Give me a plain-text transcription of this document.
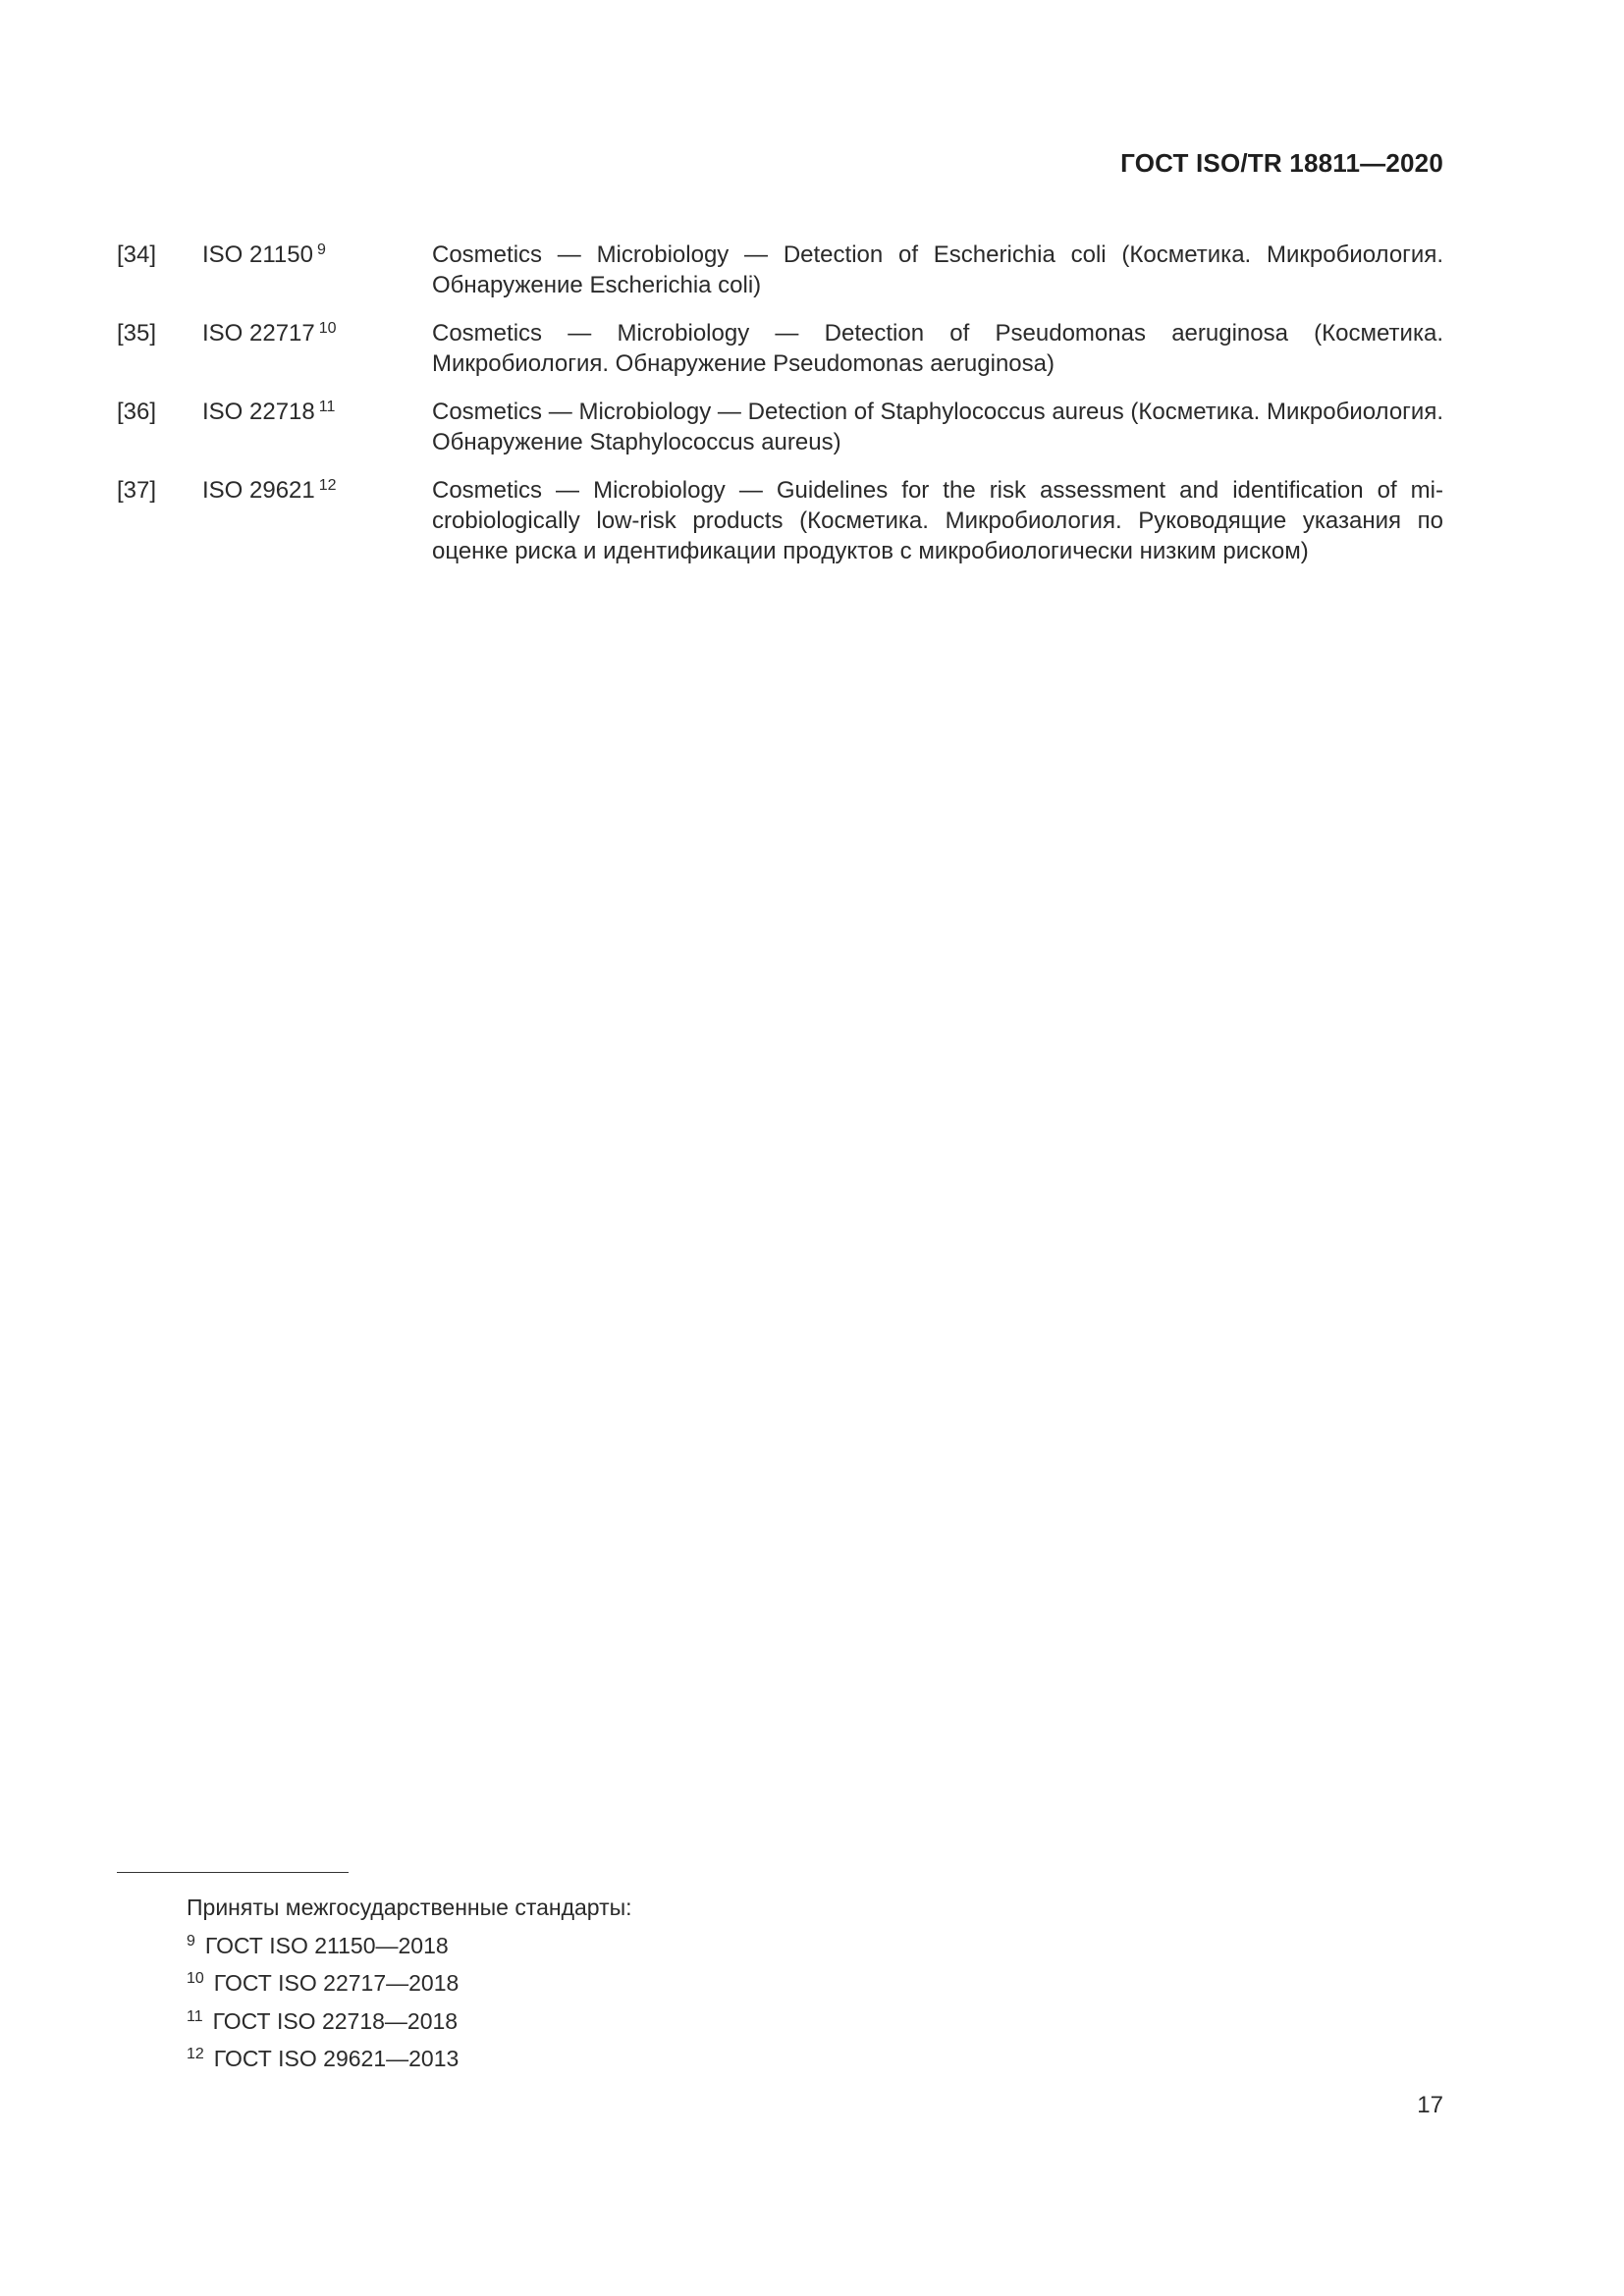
ГОСТ ISO/TR 18811—2020
[34]	ISO 21150 $^9$	Cosmetics — Microbiology — Detection of Escherichia coli (Косметика. Микробиология. Обнаружение Escherichia coli)
[35]	ISO 22717 $^{10}$	Cosmetics — Microbiology — Detection of Pseudomonas aeruginosa (Косметика. Микробиология. Обнаружение Pseudomonas aeruginosa)
[36]	ISO 22718 $^{11}$	Cosmetics — Microbiology — Detection of Staphylococcus aureus (Косметика. Микробиология. Обнаружение Staphylococcus aureus)
[37]	ISO 29621 $^{12}$	Cosmetics — Microbiology — Guidelines for the risk assessment and identification of microbiologically low-risk products (Косметика. Микробиология. Руководящие указания по оценке риска и идентификации продуктов с микробиологически низким риском)
Приняты межгосударственные стандарты:
$^9$ ГОСТ ISO 21150—2018
$^{10}$ ГОСТ ISO 22717—2018
$^{11}$ ГОСТ ISO 22718—2018
$^{12}$ ГОСТ ISO 29621—2013
17
